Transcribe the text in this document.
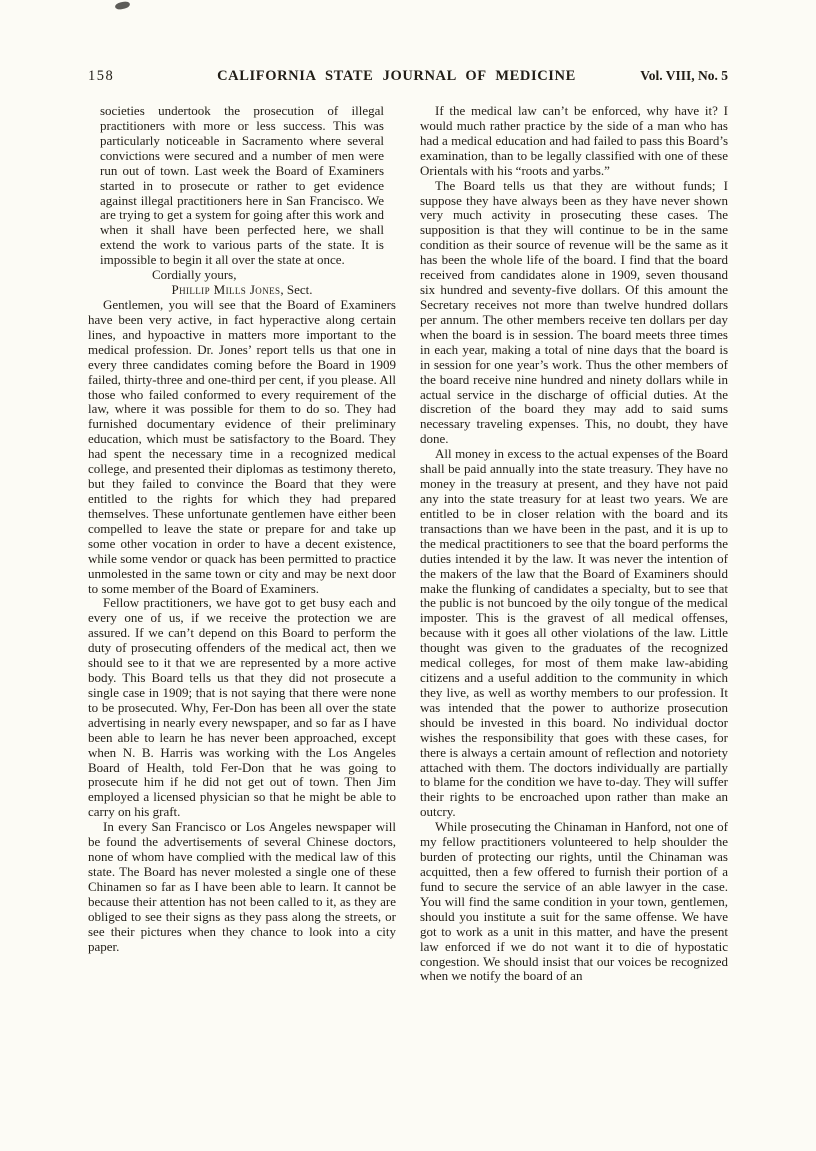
158	CALIFORNIA STATE JOURNAL OF MEDICINE	Vol. VIII, No. 5

societies undertook the prosecution of illegal practitioners with more or less success. This was particularly noticeable in Sacramento where several convictions were secured and a number of men were run out of town. Last week the Board of Examiners started in to prosecute or rather to get evidence against illegal practitioners here in San Francisco. We are trying to get a system for going after this work and when it shall have been perfected here, we shall extend the work to various parts of the state. It is impossible to begin it all over the state at once.

Cordially yours,

Phillip Mills Jones, Sect.

Gentlemen, you will see that the Board of Examiners have been very active, in fact hyperactive along certain lines, and hypoactive in matters more important to the medical profession. Dr. Jones’ report tells us that one in every three candidates coming before the Board in 1909 failed, thirty-three and one-third per cent, if you please. All those who failed conformed to every requirement of the law, where it was possible for them to do so. They had furnished documentary evidence of their preliminary education, which must be satisfactory to the Board. They had spent the necessary time in a recognized medical college, and presented their diplomas as testimony thereto, but they failed to convince the Board that they were entitled to the rights for which they had prepared themselves. These unfortunate gentlemen have either been compelled to leave the state or prepare for and take up some other vocation in order to have a decent existence, while some vendor or quack has been permitted to practice unmolested in the same town or city and may be next door to some member of the Board of Examiners.

Fellow practitioners, we have got to get busy each and every one of us, if we receive the protection we are assured. If we can’t depend on this Board to perform the duty of prosecuting offenders of the medical act, then we should see to it that we are represented by a more active body. This Board tells us that they did not prosecute a single case in 1909; that is not saying that there were none to be prosecuted. Why, Fer-Don has been all over the state advertising in nearly every newspaper, and so far as I have been able to learn he has never been approached, except when N. B. Harris was working with the Los Angeles Board of Health, told Fer-Don that he was going to prosecute him if he did not get out of town. Then Jim employed a licensed physician so that he might be able to carry on his graft.

In every San Francisco or Los Angeles newspaper will be found the advertisements of several Chinese doctors, none of whom have complied with the medical law of this state. The Board has never molested a single one of these Chinamen so far as I have been able to learn. It cannot be because their attention has not been called to it, as they are obliged to see their signs as they pass along the streets, or see their pictures when they chance to look into a city paper.

If the medical law can’t be enforced, why have it? I would much rather practice by the side of a man who has had a medical education and had failed to pass this Board’s examination, than to be legally classified with one of these Orientals with his “roots and yarbs.”

The Board tells us that they are without funds; I suppose they have always been as they have never shown very much activity in prosecuting these cases. The supposition is that they will continue to be in the same condition as their source of revenue will be the same as it has been the whole life of the board. I find that the board received from candidates alone in 1909, seven thousand six hundred and seventy-five dollars. Of this amount the Secretary receives not more than twelve hundred dollars per annum. The other members receive ten dollars per day when the board is in session. The board meets three times in each year, making a total of nine days that the board is in session for one year’s work. Thus the other members of the board receive nine hundred and ninety dollars while in actual service in the discharge of official duties. At the discretion of the board they may add to said sums necessary traveling expenses. This, no doubt, they have done.

All money in excess to the actual expenses of the Board shall be paid annually into the state treasury. They have no money in the treasury at present, and they have not paid any into the state treasury for at least two years. We are entitled to be in closer relation with the board and its transactions than we have been in the past, and it is up to the medical practitioners to see that the board performs the duties intended it by the law. It was never the intention of the makers of the law that the Board of Examiners should make the flunking of candidates a specialty, but to see that the public is not buncoed by the oily tongue of the medical imposter. This is the gravest of all medical offenses, because with it goes all other violations of the law. Little thought was given to the graduates of the recognized medical colleges, for most of them make law-abiding citizens and a useful addition to the community in which they live, as well as worthy members to our profession. It was intended that the power to authorize prosecution should be invested in this board. No individual doctor wishes the responsibility that goes with these cases, for there is always a certain amount of reflection and notoriety attached with them. The doctors individually are partially to blame for the condition we have to-day. They will suffer their rights to be encroached upon rather than make an outcry.

While prosecuting the Chinaman in Hanford, not one of my fellow practitioners volunteered to help shoulder the burden of protecting our rights, until the Chinaman was acquitted, then a few offered to furnish their portion of a fund to secure the service of an able lawyer in the case. You will find the same condition in your town, gentlemen, should you institute a suit for the same offense. We have got to work as a unit in this matter, and have the present law enforced if we do not want it to die of hypostatic congestion. We should insist that our voices be recognized when we notify the board of an
